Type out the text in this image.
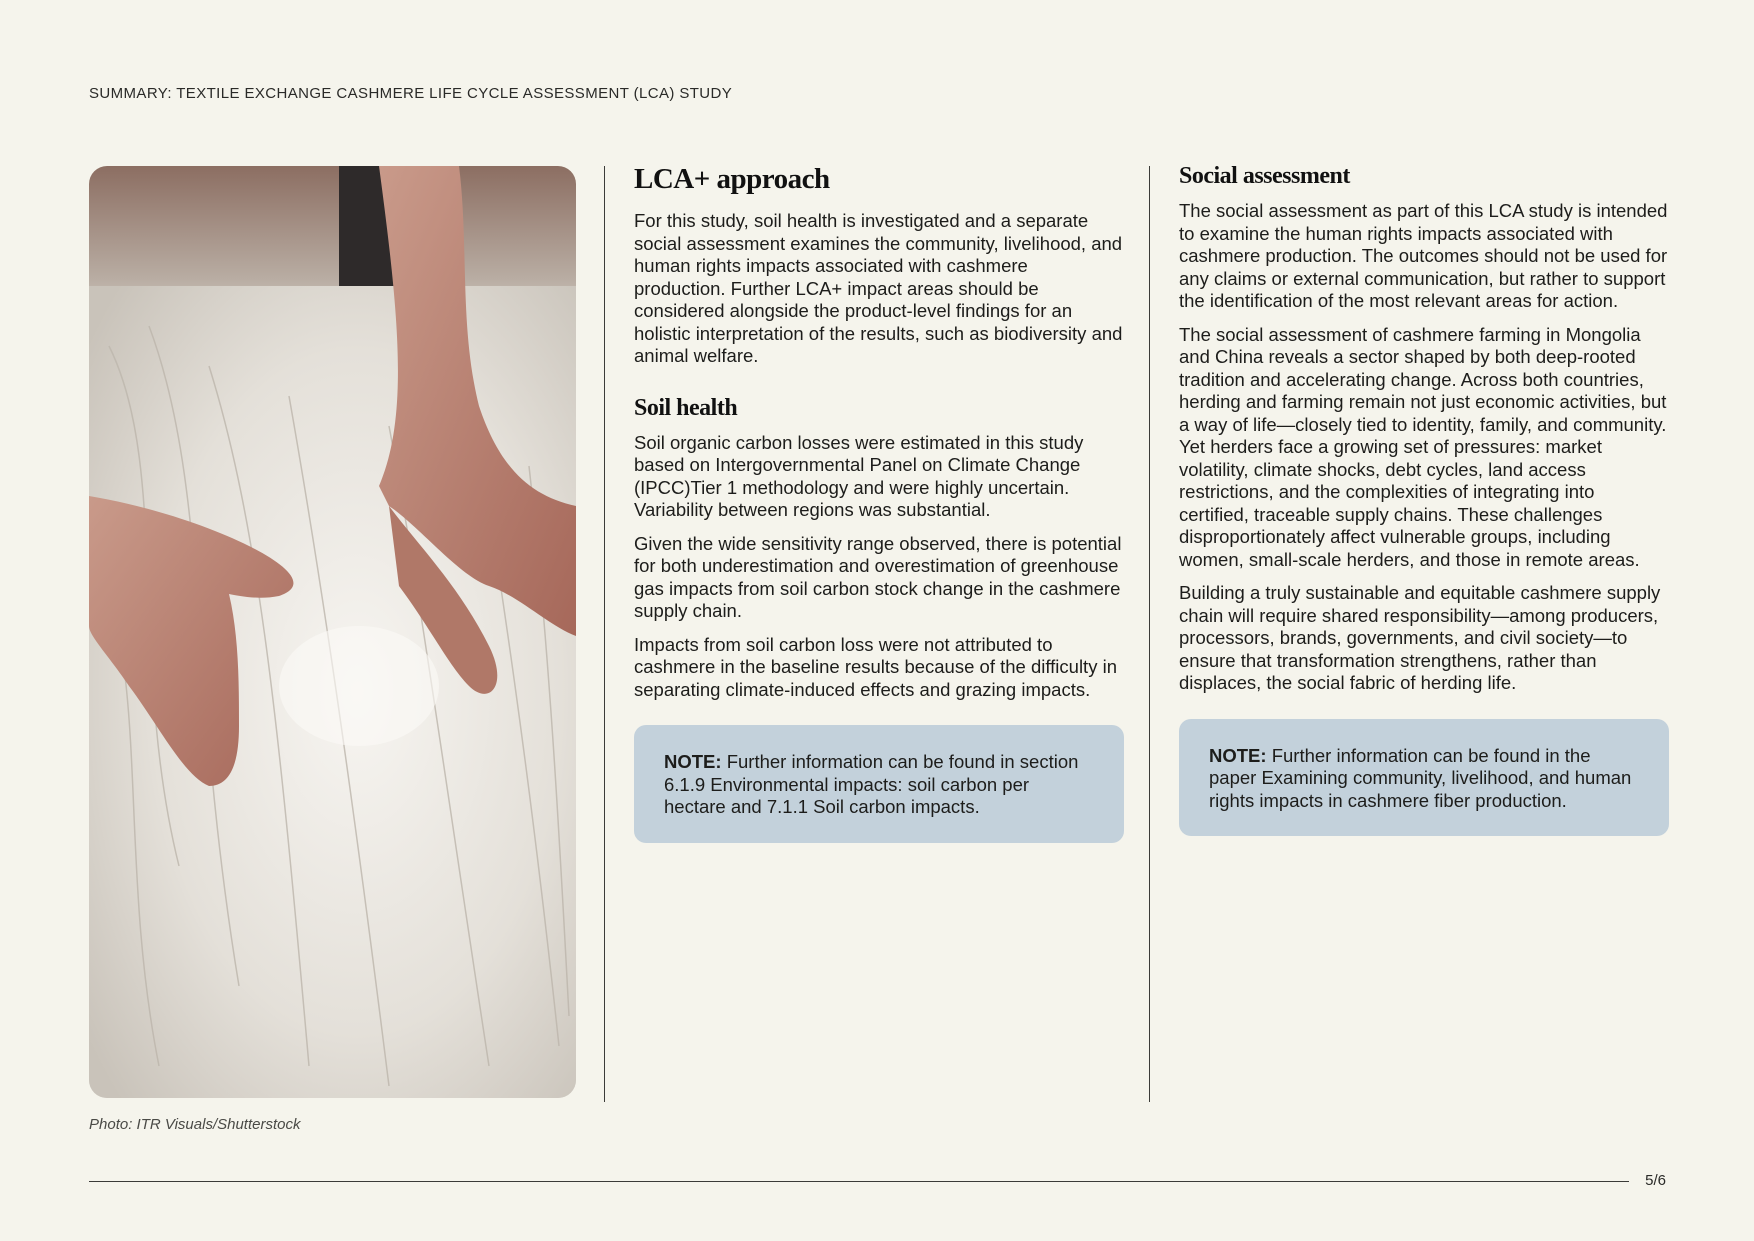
SUMMARY: TEXTILE EXCHANGE CASHMERE LIFE CYCLE ASSESSMENT (LCA) STUDY
Photo: ITR Visuals/Shutterstock
LCA+ approach

For this study, soil health is investigated and a separate social assessment examines the community, livelihood, and human rights impacts associated with cashmere production. Further LCA+ impact areas should be considered alongside the product-level findings for an holistic interpretation of the results, such as biodiversity and animal welfare.

Soil health

Soil organic carbon losses were estimated in this study based on Intergovernmental Panel on Climate Change (IPCC)Tier 1 methodology and were highly uncertain. Variability between regions was substantial.

Given the wide sensitivity range observed, there is potential for both underestimation and overestimation of greenhouse gas impacts from soil carbon stock change in the cashmere supply chain.

Impacts from soil carbon loss were not attributed to cashmere in the baseline results because of the difficulty in separating climate-induced effects and grazing impacts.

NOTE: Further information can be found in section 6.1.9 Environmental impacts: soil carbon per hectare and 7.1.1 Soil carbon impacts.
Social assessment

The social assessment as part of this LCA study is intended to examine the human rights impacts associated with cashmere production. The outcomes should not be used for any claims or external communication, but rather to support the identification of the most relevant areas for action.

The social assessment of cashmere farming in Mongolia and China reveals a sector shaped by both deep-rooted tradition and accelerating change. Across both countries, herding and farming remain not just economic activities, but a way of life—closely tied to identity, family, and community. Yet herders face a growing set of pressures: market volatility, climate shocks, debt cycles, land access restrictions, and the complexities of integrating into certified, traceable supply chains. These challenges disproportionately affect vulnerable groups, including women, small-scale herders, and those in remote areas.

Building a truly sustainable and equitable cashmere supply chain will require shared responsibility—among producers, processors, brands, governments, and civil society—to ensure that transformation strengthens, rather than displaces, the social fabric of herding life.

NOTE: Further information can be found in the paper Examining community, livelihood, and human rights impacts in cashmere fiber production.
5/6
